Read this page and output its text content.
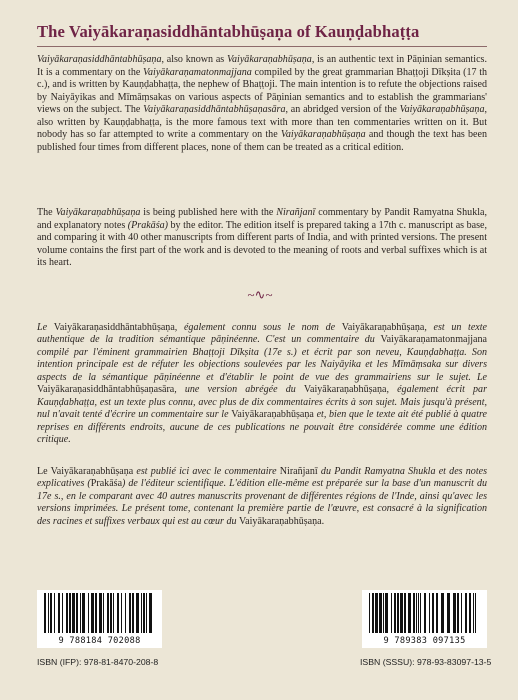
The Vaiyākaraṇasiddhāntabhūṣaṇa of Kauṇḍabhaṭṭa

Vaiyākaraṇasiddhāntabhūṣaṇa, also known as Vaiyākaraṇabhūṣaṇa, is an authentic text in Pāṇinian semantics. It is a commentary on the Vaiyākaraṇamatonmajjana compiled by the great grammarian Bhaṭṭoji Dīkṣita (17 th c.), and is written by Kauṇḍabhaṭṭa, the nephew of Bhaṭṭoji. The main intention is to refute the objections raised by Naiyāyikas and Mīmāṃsakas on various aspects of Pāṇinian semantics and to establish the grammarians' views on the subject. The Vaiyākaraṇasiddhāntabhūṣaṇasāra, an abridged version of the Vaiyākaraṇabhūṣaṇa, also written by Kauṇḍabhaṭṭa, is the more famous text with more than ten commentaries written on it. But nobody has so far attempted to write a commentary on the Vaiyākaraṇabhūṣaṇa and though the text has been published four times from different places, none of them can be treated as a critical edition.

The Vaiyākaraṇabhūṣaṇa is being published here with the Nirañjanī commentary by Pandit Ramyatna Shukla, and explanatory notes (Prakāśa) by the editor. The edition itself is prepared taking a 17th c. manuscript as base, and comparing it with 40 other manuscripts from different parts of India, and with printed versions. The present volume contains the first part of the work and is devoted to the meaning of roots and verbal suffixes which is at its heart.

~∿~

Le Vaiyākaraṇasiddhāntabhūṣaṇa, également connu sous le nom de Vaiyākaraṇabhūṣaṇa, est un texte authentique de la tradition sémantique pāṇinéenne. C'est un commentaire du Vaiyākaraṇamatonmajjana compilé par l'éminent grammairien Bhaṭṭoji Dīkṣita (17e s.) et écrit par son neveu, Kauṇḍabhaṭṭa. Son intention principale est de réfuter les objections soulevées par les Naiyāyika et les Mīmāṃsaka sur divers aspects de la sémantique pāṇinéenne et d'établir le point de vue des grammairiens sur le sujet. Le Vaiyākaraṇasiddhāntabhūṣaṇasāra, une version abrégée du Vaiyākaraṇabhūṣaṇa, également écrit par Kauṇḍabhaṭṭa, est un texte plus connu, avec plus de dix commentaires écrits à son sujet. Mais jusqu'à présent, nul n'avait tenté d'écrire un commentaire sur le Vaiyākaraṇabhūṣaṇa et, bien que le texte ait été publié à quatre reprises en différents endroits, aucune de ces publications ne pouvait être considérée comme une édition critique.

Le Vaiyākaraṇabhūṣaṇa est publié ici avec le commentaire Nirañjanī du Pandit Ramyatna Shukla et des notes explicatives (Prakāśa) de l'éditeur scientifique. L'édition elle-même est préparée sur la base d'un manuscrit du 17e s., en le comparant avec 40 autres manuscrits provenant de différentes régions de l'Inde, ainsi qu'avec les versions imprimées. Le présent tome, contenant la première partie de l'œuvre, est consacré à la signification des racines et suffixes verbaux qui est au cœur du Vaiyākaraṇabhūṣaṇa.

9 788184 702088
ISBN (IFP): 978-81-8470-208-8
9 789383 097135
ISBN (SSSU): 978-93-83097-13-5
